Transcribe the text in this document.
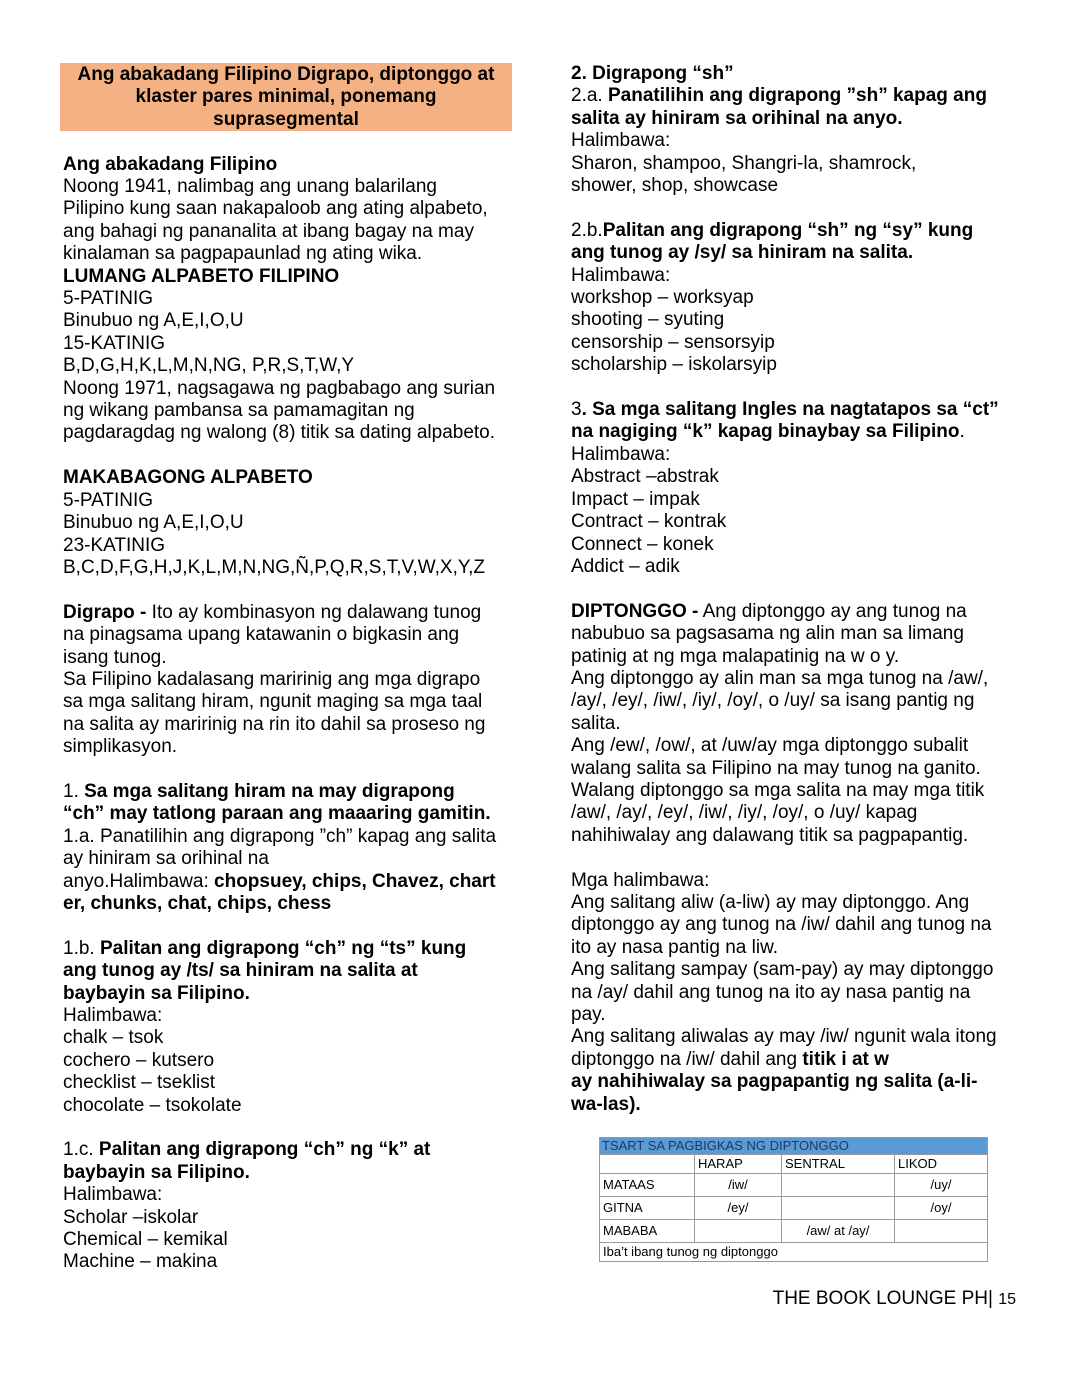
Ang abakadang Filipino Digrapo, diptonggo at
klaster pares minimal, ponemang
suprasegmental
Ang abakadang Filipino
Noong 1941, nalimbag ang unang balarilang
Pilipino kung saan nakapaloob ang ating alpabeto,
ang bahagi ng pananalita at ibang bagay na may
kinalaman sa pagpapaunlad ng ating wika.
LUMANG ALPABETO FILIPINO
5-PATINIG
Binubuo ng A,E,I,O,U
15-KATINIG
B,D,G,H,K,L,M,N,NG, P,R,S,T,W,Y
Noong 1971, nagsagawa ng pagbabago ang surian
ng wikang pambansa sa pamamagitan ng
pagdaragdag ng walong (8) titik sa dating alpabeto.
MAKABAGONG ALPABETO
5-PATINIG
Binubuo ng A,E,I,O,U
23-KATINIG
B,C,D,F,G,H,J,K,L,M,N,NG,Ñ,P,Q,R,S,T,V,W,X,Y,Z
Digrapo - Ito ay kombinasyon ng dalawang tunog
na pinagsama upang katawanin o bigkasin ang
isang tunog.
Sa Filipino kadalasang maririnig ang mga digrapo
sa mga salitang hiram, ngunit maging sa mga taal
na salita ay maririnig na rin ito dahil sa proseso ng
simplikasyon.
1. Sa mga salitang hiram na may digrapong
“ch” may tatlong paraan ang maaaring gamitin.
1.a. Panatilihin ang digrapong ”ch” kapag ang salita
ay hiniram sa orihinal na
anyo.Halimbawa: chopsuey, chips, Chavez, chart
er, chunks, chat, chips, chess
1.b. Palitan ang digrapong “ch” ng “ts” kung
ang tunog ay /ts/ sa hiniram na salita at
baybayin sa Filipino.
Halimbawa:
chalk – tsok
cochero – kutsero
checklist – tseklist
chocolate – tsokolate
1.c. Palitan ang digrapong “ch” ng “k” at
baybayin sa Filipino.
Halimbawa:
Scholar –iskolar
Chemical – kemikal
Machine – makina
2. Digrapong “sh”
2.a. Panatilihin ang digrapong ”sh” kapag ang
salita ay hiniram sa orihinal na anyo.
Halimbawa:
Sharon, shampoo, Shangri-la, shamrock,
shower, shop, showcase
2.b.Palitan ang digrapong “sh” ng “sy” kung
ang tunog ay /sy/ sa hiniram na salita.
Halimbawa:
workshop – worksyap
shooting – syuting
censorship – sensorsyip
scholarship – iskolarsyip
3. Sa mga salitang Ingles na nagtatapos sa “ct”
na nagiging “k” kapag binaybay sa Filipino.
Halimbawa:
Abstract –abstrak
Impact – impak
Contract – kontrak
Connect – konek
Addict – adik
DIPTONGGO - Ang diptonggo ay ang tunog na
nabubuo sa pagsasama ng alin man sa limang
patinig at ng mga malapatinig na w o y.
Ang diptonggo ay alin man sa mga tunog na /aw/,
/ay/, /ey/, /iw/, /iy/, /oy/, o /uy/ sa isang pantig ng
salita.
Ang /ew/, /ow/, at /uw/ay mga diptonggo subalit
walang salita sa Filipino na may tunog na ganito.
Walang diptonggo sa mga salita na may mga titik
/aw/, /ay/, /ey/, /iw/, /iy/, /oy/, o /uy/ kapag
nahihiwalay ang dalawang titik sa pagpapantig.
Mga halimbawa:
Ang salitang aliw (a-liw) ay may diptonggo. Ang
diptonggo ay ang tunog na /iw/ dahil ang tunog na
ito ay nasa pantig na liw.
Ang salitang sampay (sam-pay) ay may diptonggo
na /ay/ dahil ang tunog na ito ay nasa pantig na
pay.
Ang salitang aliwalas ay may /iw/ ngunit wala itong
diptonggo na /iw/ dahil ang titik i at w
ay nahihiwalay sa pagpapantig ng salita (a-li-
wa-las).
TSART SA PAGBIGKAS NG DIPTONGGO			
	HARAP	SENTRAL	LIKOD
MATAAS	/iw/		/uy/
GITNA	/ey/		/oy/
MABABA		/aw/ at /ay/	
Iba’t ibang tunog ng diptonggo			
THE BOOK LOUNGE PH| 15
